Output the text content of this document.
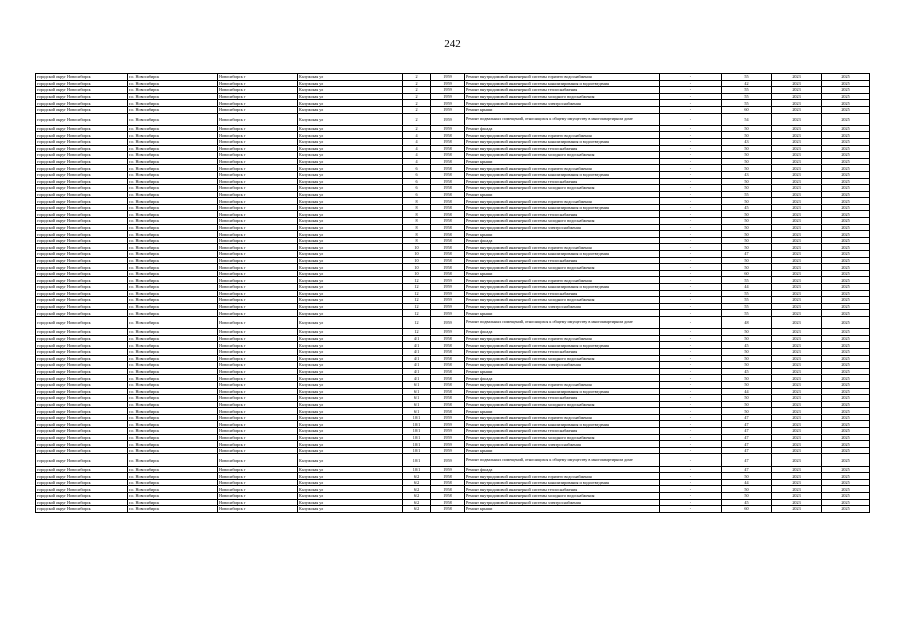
242
городской округ Новосибирск	г.о. Новосибирск	Новосибирск г	Калужская ул	2	1959	Ремонт внутридомовой инженерной системы горячего водоснабжения	-	55	2023	2025
городской округ Новосибирск	г.о. Новосибирск	Новосибирск г	Калужская ул	2	1959	Ремонт внутридомовой инженерной системы канализирования и водоотведения	-	42	2023	2025
городской округ Новосибирск	г.о. Новосибирск	Новосибирск г	Калужская ул	2	1959	Ремонт внутридомовой инженерной системы теплоснабжения	-	55	2023	2025
городской округ Новосибирск	г.о. Новосибирск	Новосибирск г	Калужская ул	2	1959	Ремонт внутридомовой инженерной системы холодного водоснабжения	-	55	2023	2025
городской округ Новосибирск	г.о. Новосибирск	Новосибирск г	Калужская ул	2	1959	Ремонт внутридомовой инженерной системы электроснабжения	-	55	2023	2025
городской округ Новосибирск	г.о. Новосибирск	Новосибирск г	Калужская ул	2	1959	Ремонт крыши	-	60	2023	2025
городской округ Новосибирск	г.о. Новосибирск	Новосибирск г	Калужская ул	2	1959	Ремонт подвальных помещений, относящихся к общему имуществу в многоквартирном доме	-	54	2023	2025
городской округ Новосибирск	г.о. Новосибирск	Новосибирск г	Калужская ул	2	1959	Ремонт фасада	-	50	2023	2025
городской округ Новосибирск	г.о. Новосибирск	Новосибирск г	Калужская ул	4	1958	Ремонт внутридомовой инженерной системы горячего водоснабжения	-	50	2023	2025
городской округ Новосибирск	г.о. Новосибирск	Новосибирск г	Калужская ул	4	1958	Ремонт внутридомовой инженерной системы канализирования и водоотведения	-	43	2023	2025
городской округ Новосибирск	г.о. Новосибирск	Новосибирск г	Калужская ул	4	1958	Ремонт внутридомовой инженерной системы теплоснабжения	-	50	2023	2025
городской округ Новосибирск	г.о. Новосибирск	Новосибирск г	Калужская ул	4	1958	Ремонт внутридомовой инженерной системы холодного водоснабжения	-	50	2023	2025
городской округ Новосибирск	г.о. Новосибирск	Новосибирск г	Калужская ул	4	1958	Ремонт крыши	-	50	2023	2025
городской округ Новосибирск	г.о. Новосибирск	Новосибирск г	Калужская ул	6	1958	Ремонт внутридомовой инженерной системы горячего водоснабжения	-	50	2023	2025
городской округ Новосибирск	г.о. Новосибирск	Новосибирск г	Калужская ул	6	1958	Ремонт внутридомовой инженерной системы канализирования и водоотведения	-	43	2023	2025
городской округ Новосибирск	г.о. Новосибирск	Новосибирск г	Калужская ул	6	1958	Ремонт внутридомовой инженерной системы теплоснабжения	-	50	2023	2025
городской округ Новосибирск	г.о. Новосибирск	Новосибирск г	Калужская ул	6	1958	Ремонт внутридомовой инженерной системы холодного водоснабжения	-	50	2023	2025
городской округ Новосибирск	г.о. Новосибирск	Новосибирск г	Калужская ул	6	1958	Ремонт крыши	-	55	2023	2025
городской округ Новосибирск	г.о. Новосибирск	Новосибирск г	Калужская ул	8	1958	Ремонт внутридомовой инженерной системы горячего водоснабжения	-	50	2023	2025
городской округ Новосибирск	г.о. Новосибирск	Новосибирск г	Калужская ул	8	1958	Ремонт внутридомовой инженерной системы канализирования и водоотведения	-	45	2023	2025
городской округ Новосибирск	г.о. Новосибирск	Новосибирск г	Калужская ул	8	1958	Ремонт внутридомовой инженерной системы теплоснабжения	-	50	2023	2025
городской округ Новосибирск	г.о. Новосибирск	Новосибирск г	Калужская ул	8	1958	Ремонт внутридомовой инженерной системы холодного водоснабжения	-	50	2023	2025
городской округ Новосибирск	г.о. Новосибирск	Новосибирск г	Калужская ул	8	1958	Ремонт внутридомовой инженерной системы электроснабжения	-	50	2023	2025
городской округ Новосибирск	г.о. Новосибирск	Новосибирск г	Калужская ул	8	1958	Ремонт крыши	-	50	2023	2025
городской округ Новосибирск	г.о. Новосибирск	Новосибирск г	Калужская ул	8	1958	Ремонт фасада	-	50	2023	2025
городской округ Новосибирск	г.о. Новосибирск	Новосибирск г	Калужская ул	10	1958	Ремонт внутридомовой инженерной системы горячего водоснабжения	-	50	2023	2025
городской округ Новосибирск	г.о. Новосибирск	Новосибирск г	Калужская ул	10	1958	Ремонт внутридомовой инженерной системы канализирования и водоотведения	-	47	2023	2025
городской округ Новосибирск	г.о. Новосибирск	Новосибирск г	Калужская ул	10	1958	Ремонт внутридомовой инженерной системы теплоснабжения	-	50	2023	2025
городской округ Новосибирск	г.о. Новосибирск	Новосибирск г	Калужская ул	10	1958	Ремонт внутридомовой инженерной системы холодного водоснабжения	-	50	2023	2025
городской округ Новосибирск	г.о. Новосибирск	Новосибирск г	Калужская ул	10	1958	Ремонт крыши	-	60	2023	2025
городской округ Новосибирск	г.о. Новосибирск	Новосибирск г	Калужская ул	12	1959	Ремонт внутридомовой инженерной системы горячего водоснабжения	-	55	2023	2025
городской округ Новосибирск	г.о. Новосибирск	Новосибирск г	Калужская ул	12	1959	Ремонт внутридомовой инженерной системы канализирования и водоотведения	-	44	2023	2025
городской округ Новосибирск	г.о. Новосибирск	Новосибирск г	Калужская ул	12	1959	Ремонт внутридомовой инженерной системы теплоснабжения	-	55	2023	2025
городской округ Новосибирск	г.о. Новосибирск	Новосибирск г	Калужская ул	12	1959	Ремонт внутридомовой инженерной системы холодного водоснабжения	-	55	2023	2025
городской округ Новосибирск	г.о. Новосибирск	Новосибирск г	Калужская ул	12	1959	Ремонт внутридомовой инженерной системы электроснабжения	-	55	2023	2025
городской округ Новосибирск	г.о. Новосибирск	Новосибирск г	Калужская ул	12	1959	Ремонт крыши	-	55	2023	2025
городской округ Новосибирск	г.о. Новосибирск	Новосибирск г	Калужская ул	12	1959	Ремонт подвальных помещений, относящихся к общему имуществу в многоквартирном доме	-	48	2023	2025
городской округ Новосибирск	г.о. Новосибирск	Новосибирск г	Калужская ул	12	1959	Ремонт фасада	-	50	2023	2025
городской округ Новосибирск	г.о. Новосибирск	Новосибирск г	Калужская ул	4/1	1958	Ремонт внутридомовой инженерной системы горячего водоснабжения	-	50	2023	2025
городской округ Новосибирск	г.о. Новосибирск	Новосибирск г	Калужская ул	4/1	1958	Ремонт внутридомовой инженерной системы канализирования и водоотведения	-	45	2023	2025
городской округ Новосибирск	г.о. Новосибирск	Новосибирск г	Калужская ул	4/1	1958	Ремонт внутридомовой инженерной системы теплоснабжения	-	50	2023	2025
городской округ Новосибирск	г.о. Новосибирск	Новосибирск г	Калужская ул	4/1	1958	Ремонт внутридомовой инженерной системы холодного водоснабжения	-	50	2023	2025
городской округ Новосибирск	г.о. Новосибирск	Новосибирск г	Калужская ул	4/1	1958	Ремонт внутридомовой инженерной системы электроснабжения	-	50	2023	2025
городской округ Новосибирск	г.о. Новосибирск	Новосибирск г	Калужская ул	4/1	1958	Ремонт крыши	-	45	2023	2025
городской округ Новосибирск	г.о. Новосибирск	Новосибирск г	Калужская ул	4/1	1958	Ремонт фасада	-	50	2023	2025
городской округ Новосибирск	г.о. Новосибирск	Новосибирск г	Калужская ул	6/1	1958	Ремонт внутридомовой инженерной системы горячего водоснабжения	-	50	2023	2025
городской округ Новосибирск	г.о. Новосибирск	Новосибирск г	Калужская ул	6/1	1958	Ремонт внутридомовой инженерной системы канализирования и водоотведения	-	44	2023	2025
городской округ Новосибирск	г.о. Новосибирск	Новосибирск г	Калужская ул	6/1	1958	Ремонт внутридомовой инженерной системы теплоснабжения	-	50	2023	2025
городской округ Новосибирск	г.о. Новосибирск	Новосибирск г	Калужская ул	6/1	1958	Ремонт внутридомовой инженерной системы холодного водоснабжения	-	50	2023	2025
городской округ Новосибирск	г.о. Новосибирск	Новосибирск г	Калужская ул	6/1	1958	Ремонт крыши	-	50	2023	2025
городской округ Новосибирск	г.о. Новосибирск	Новосибирск г	Калужская ул	10/1	1959	Ремонт внутридомовой инженерной системы горячего водоснабжения	-	47	2023	2025
городской округ Новосибирск	г.о. Новосибирск	Новосибирск г	Калужская ул	10/1	1959	Ремонт внутридомовой инженерной системы канализирования и водоотведения	-	47	2023	2025
городской округ Новосибирск	г.о. Новосибирск	Новосибирск г	Калужская ул	10/1	1959	Ремонт внутридомовой инженерной системы теплоснабжения	-	47	2023	2025
городской округ Новосибирск	г.о. Новосибирск	Новосибирск г	Калужская ул	10/1	1959	Ремонт внутридомовой инженерной системы холодного водоснабжения	-	47	2023	2025
городской округ Новосибирск	г.о. Новосибирск	Новосибирск г	Калужская ул	10/1	1959	Ремонт внутридомовой инженерной системы электроснабжения	-	47	2023	2025
городской округ Новосибирск	г.о. Новосибирск	Новосибирск г	Калужская ул	10/1	1959	Ремонт крыши	-	47	2023	2025
городской округ Новосибирск	г.о. Новосибирск	Новосибирск г	Калужская ул	10/1	1959	Ремонт подвальных помещений, относящихся к общему имуществу в многоквартирном доме	-	47	2023	2025
городской округ Новосибирск	г.о. Новосибирск	Новосибирск г	Калужская ул	10/1	1959	Ремонт фасада	-	47	2023	2025
городской округ Новосибирск	г.о. Новосибирск	Новосибирск г	Калужская ул	6/2	1958	Ремонт внутридомовой инженерной системы горячего водоснабжения	-	50	2023	2025
городской округ Новосибирск	г.о. Новосибирск	Новосибирск г	Калужская ул	6/2	1958	Ремонт внутридомовой инженерной системы канализирования и водоотведения	-	44	2023	2025
городской округ Новосибирск	г.о. Новосибирск	Новосибирск г	Калужская ул	6/2	1958	Ремонт внутридомовой инженерной системы теплоснабжения	-	50	2023	2025
городской округ Новосибирск	г.о. Новосибирск	Новосибирск г	Калужская ул	6/2	1958	Ремонт внутридомовой инженерной системы холодного водоснабжения	-	50	2023	2025
городской округ Новосибирск	г.о. Новосибирск	Новосибирск г	Калужская ул	6/2	1958	Ремонт внутридомовой инженерной системы электроснабжения	-	45	2023	2025
городской округ Новосибирск	г.о. Новосибирск	Новосибирск г	Калужская ул	6/2	1958	Ремонт крыши	-	60	2023	2025
